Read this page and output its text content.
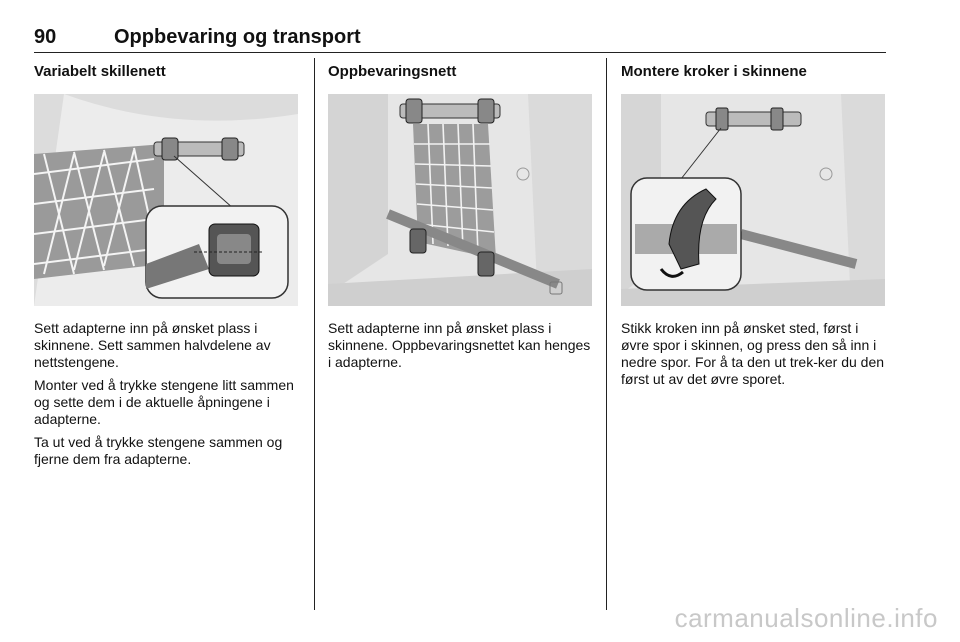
90	Oppbevaring og transport
Variabelt skillenett

Sett adapterne inn på ønsket plass i skinnene. Sett sammen halvdelene av nettstengene.

Monter ved å trykke stengene litt sammen og sette dem i de aktuelle åpningene i adapterne.

Ta ut ved å trykke stengene sammen og fjerne dem fra adapterne.

Oppbevaringsnett

Sett adapterne inn på ønsket plass i skinnene. Oppbevaringsnettet kan henges i adapterne.

Montere kroker i skinnene

Stikk kroken inn på ønsket sted, først i øvre spor i skinnen, og press den så inn i nedre spor. For å ta den ut trek-ker du den først ut av det øvre sporet.

carmanualsonline.info
